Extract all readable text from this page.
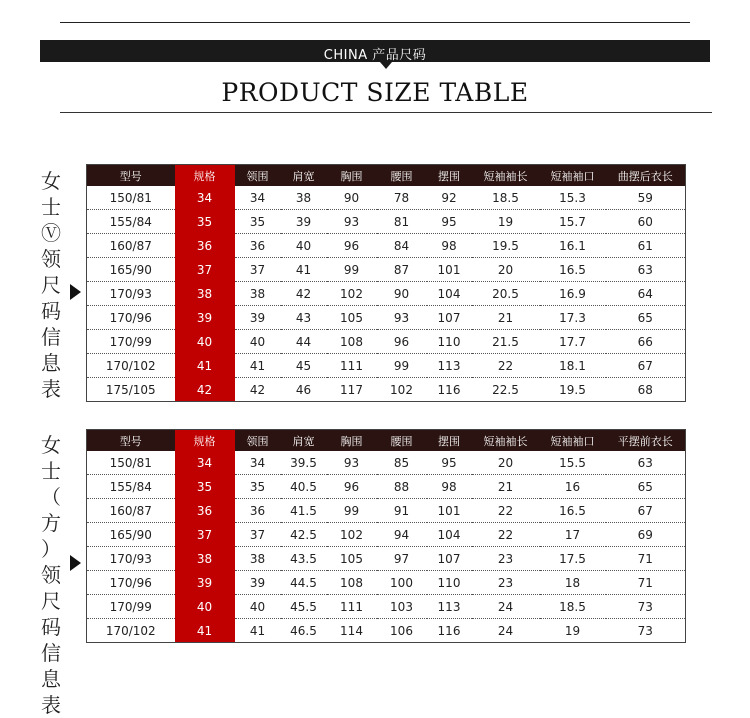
CHINA 产品尺码
PRODUCT SIZE TABLE
女
士
Ⓥ
领
尺
码
信
息
表
型号	规格	领围	肩宽	胸围	腰围	摆围	短袖袖长	短袖袖口	曲摆后衣长
150/81	34	34	38	90	78	92	18.5	15.3	59
155/84	35	35	39	93	81	95	19	15.7	60
160/87	36	36	40	96	84	98	19.5	16.1	61
165/90	37	37	41	99	87	101	20	16.5	63
170/93	38	38	42	102	90	104	20.5	16.9	64
170/96	39	39	43	105	93	107	21	17.3	65
170/99	40	40	44	108	96	110	21.5	17.7	66
170/102	41	41	45	111	99	113	22	18.1	67
175/105	42	42	46	117	102	116	22.5	19.5	68
女
士
（
方
）
领
尺
码
信
息
表
型号	规格	领围	肩宽	胸围	腰围	摆围	短袖袖长	短袖袖口	平摆前衣长
150/81	34	34	39.5	93	85	95	20	15.5	63
155/84	35	35	40.5	96	88	98	21	16	65
160/87	36	36	41.5	99	91	101	22	16.5	67
165/90	37	37	42.5	102	94	104	22	17	69
170/93	38	38	43.5	105	97	107	23	17.5	71
170/96	39	39	44.5	108	100	110	23	18	71
170/99	40	40	45.5	111	103	113	24	18.5	73
170/102	41	41	46.5	114	106	116	24	19	73
